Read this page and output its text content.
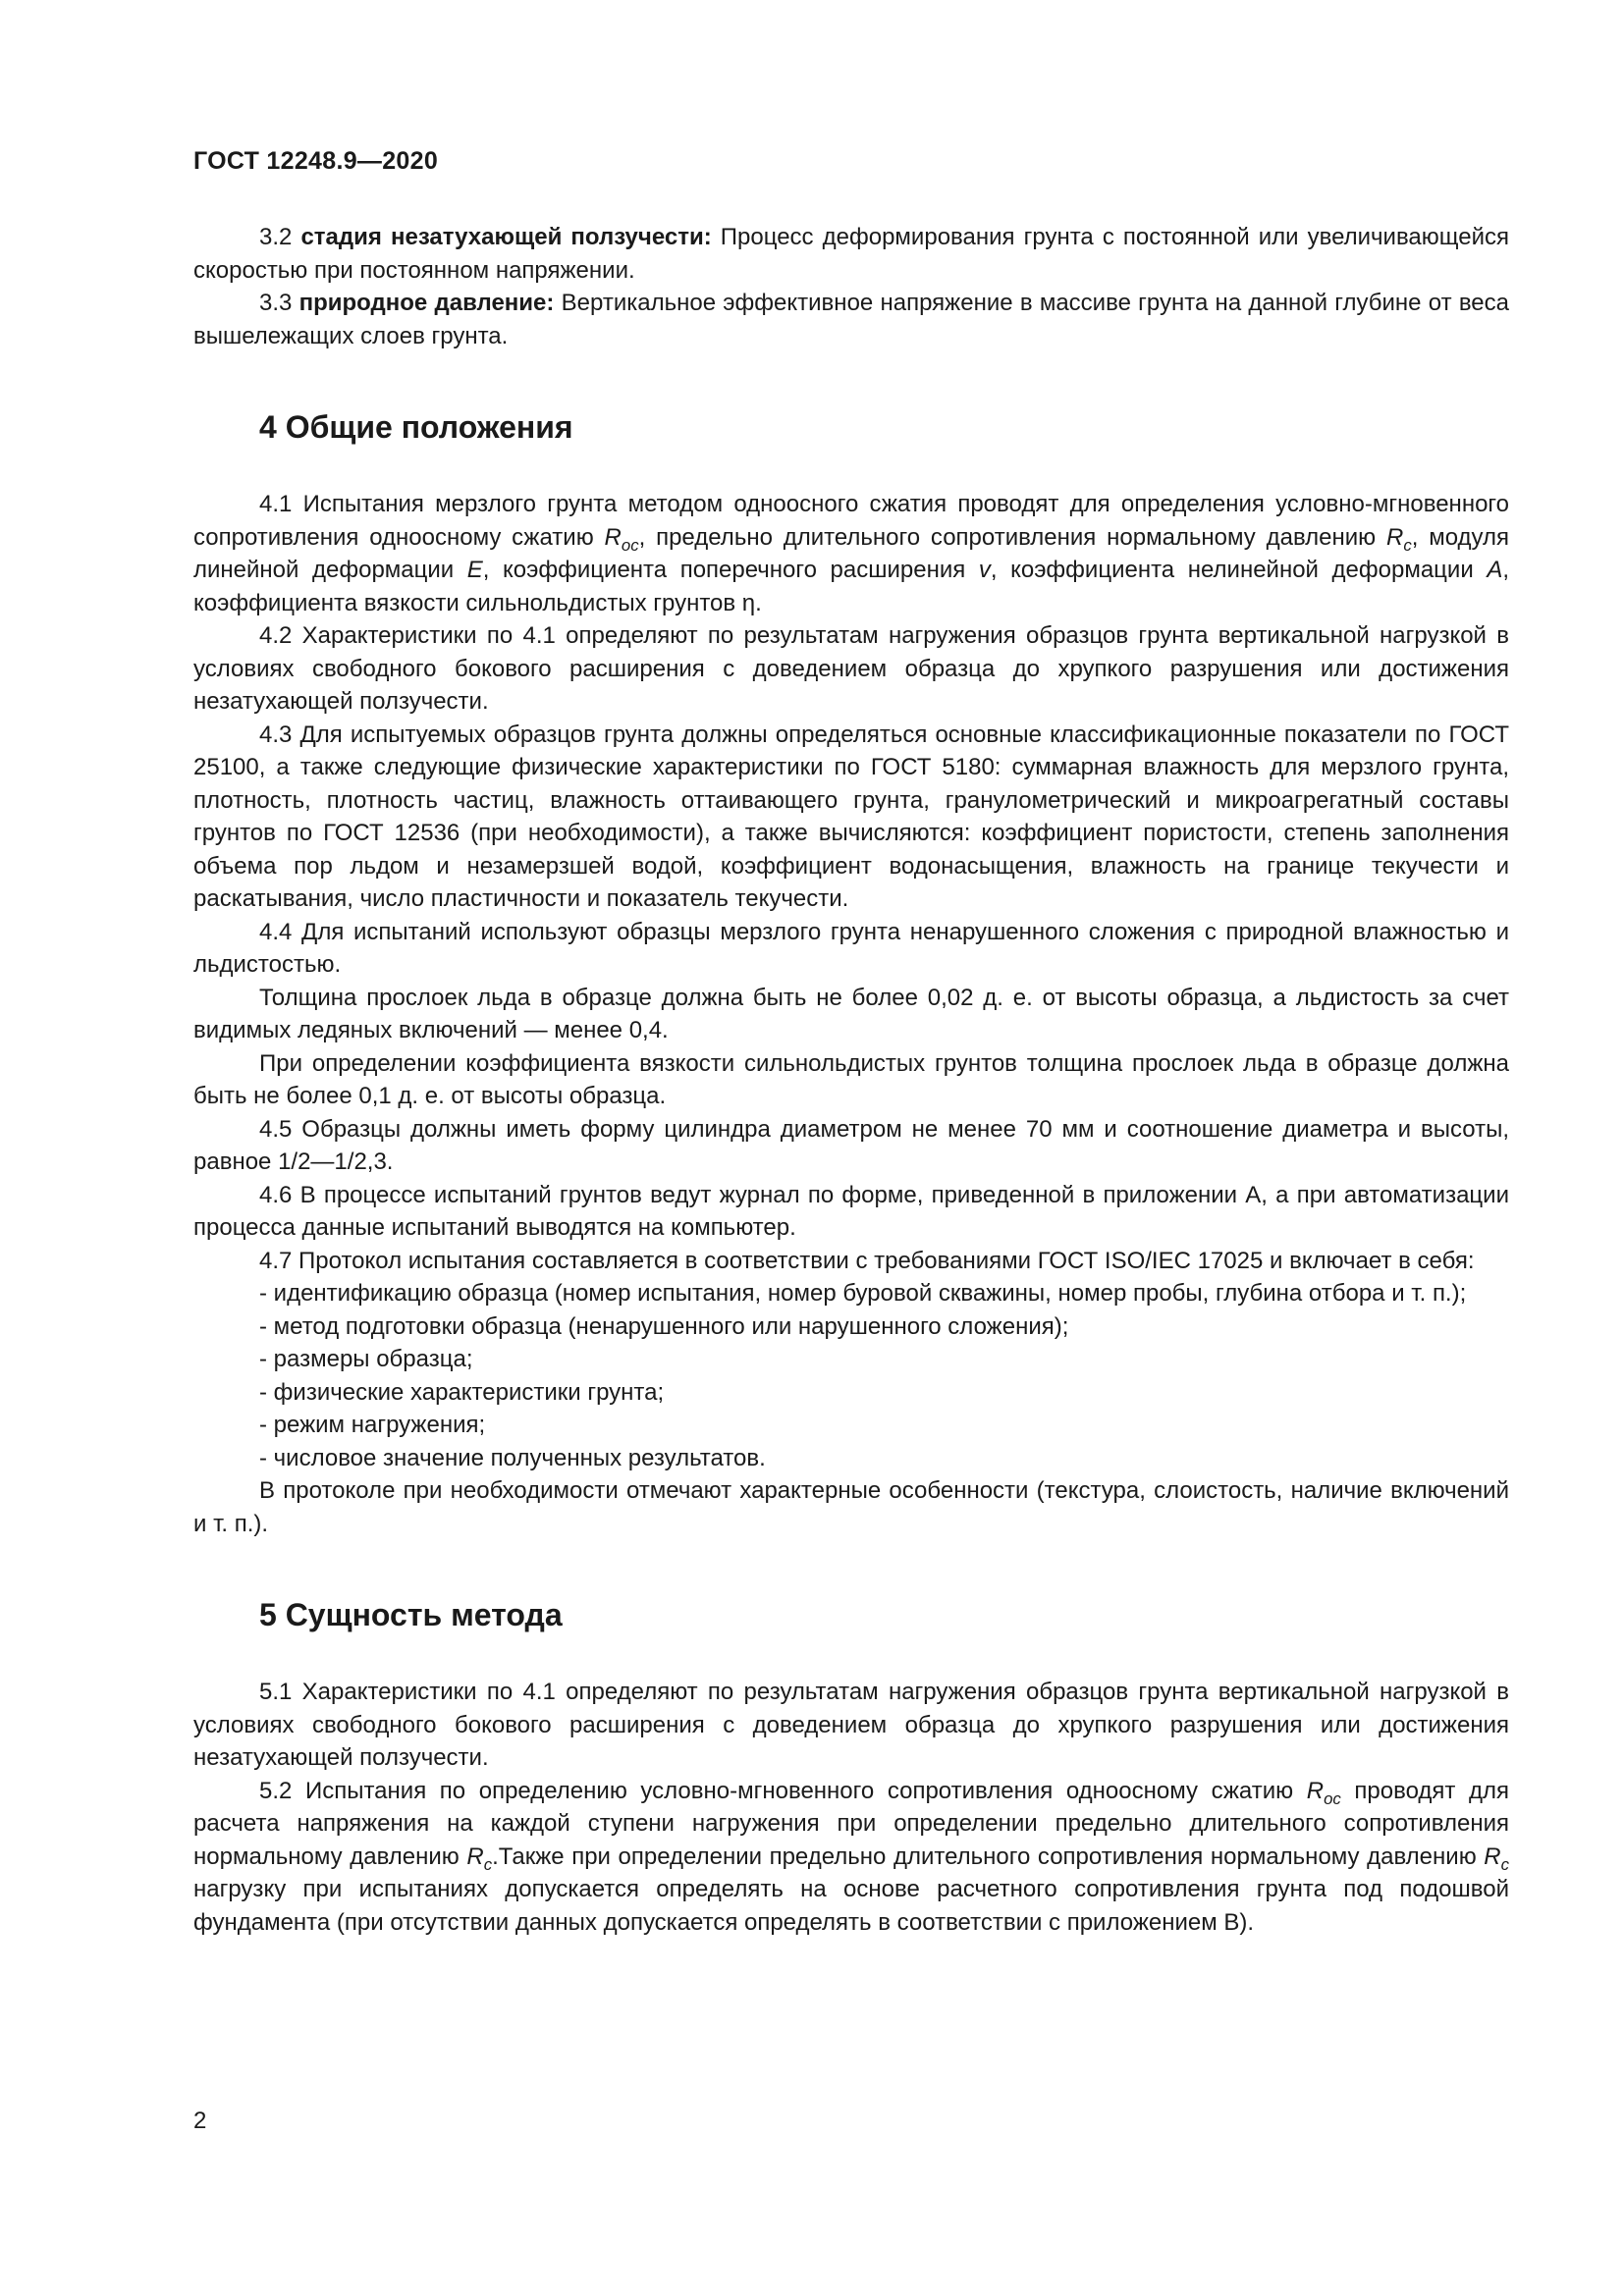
ГОСТ 12248.9—2020

3.2 стадия незатухающей ползучести: Процесс деформирования грунта с постоянной или увеличивающейся скоростью при постоянном напряжении.

3.3 природное давление: Вертикальное эффективное напряжение в массиве грунта на данной глубине от веса вышележащих слоев грунта.

4 Общие положения

4.1 Испытания мерзлого грунта методом одноосного сжатия проводят для определения условно-мгновенного сопротивления одноосному сжатию $R_{oc}$, предельно длительного сопротивления нормальному давлению $R_c$, модуля линейной деформации E, коэффициента поперечного расширения v, коэффициента нелинейной деформации A, коэффициента вязкости сильнольдистых грунтов η.

4.2 Характеристики по 4.1 определяют по результатам нагружения образцов грунта вертикальной нагрузкой в условиях свободного бокового расширения с доведением образца до хрупкого разрушения или достижения незатухающей ползучести.

4.3 Для испытуемых образцов грунта должны определяться основные классификационные показатели по ГОСТ 25100, а также следующие физические характеристики по ГОСТ 5180: суммарная влажность для мерзлого грунта, плотность, плотность частиц, влажность оттаивающего грунта, гранулометрический и микроагрегатный составы грунтов по ГОСТ 12536 (при необходимости), а также вычисляются: коэффициент пористости, степень заполнения объема пор льдом и незамерзшей водой, коэффициент водонасыщения, влажность на границе текучести и раскатывания, число пластичности и показатель текучести.

4.4 Для испытаний используют образцы мерзлого грунта ненарушенного сложения с природной влажностью и льдистостью.

Толщина прослоек льда в образце должна быть не более 0,02 д. е. от высоты образца, а льдистость за счет видимых ледяных включений — менее 0,4.

При определении коэффициента вязкости сильнольдистых грунтов толщина прослоек льда в образце должна быть не более 0,1 д. е. от высоты образца.

4.5 Образцы должны иметь форму цилиндра диаметром не менее 70 мм и соотношение диаметра и высоты, равное 1/2—1/2,3.

4.6 В процессе испытаний грунтов ведут журнал по форме, приведенной в приложении А, а при автоматизации процесса данные испытаний выводятся на компьютер.

4.7 Протокол испытания составляется в соответствии с требованиями ГОСТ ISO/IEC 17025 и включает в себя:

- идентификацию образца (номер испытания, номер буровой скважины, номер пробы, глубина отбора и т. п.);

- метод подготовки образца (ненарушенного или нарушенного сложения);

- размеры образца;

- физические характеристики грунта;

- режим нагружения;

- числовое значение полученных результатов.

В протоколе при необходимости отмечают характерные особенности (текстура, слоистость, наличие включений и т. п.).

5 Сущность метода

5.1 Характеристики по 4.1 определяют по результатам нагружения образцов грунта вертикальной нагрузкой в условиях свободного бокового расширения с доведением образца до хрупкого разрушения или достижения незатухающей ползучести.

5.2 Испытания по определению условно-мгновенного сопротивления одноосному сжатию $R_{oc}$ проводят для расчета напряжения на каждой ступени нагружения при определении предельно длительного сопротивления нормальному давлению $R_c.Также$ при определении предельно длительного сопротивления нормальному давлению $R_c$ нагрузку при испытаниях допускается определять на основе расчетного сопротивления грунта под подошвой фундамента (при отсутствии данных допускается определять в соответствии с приложением В).

2
